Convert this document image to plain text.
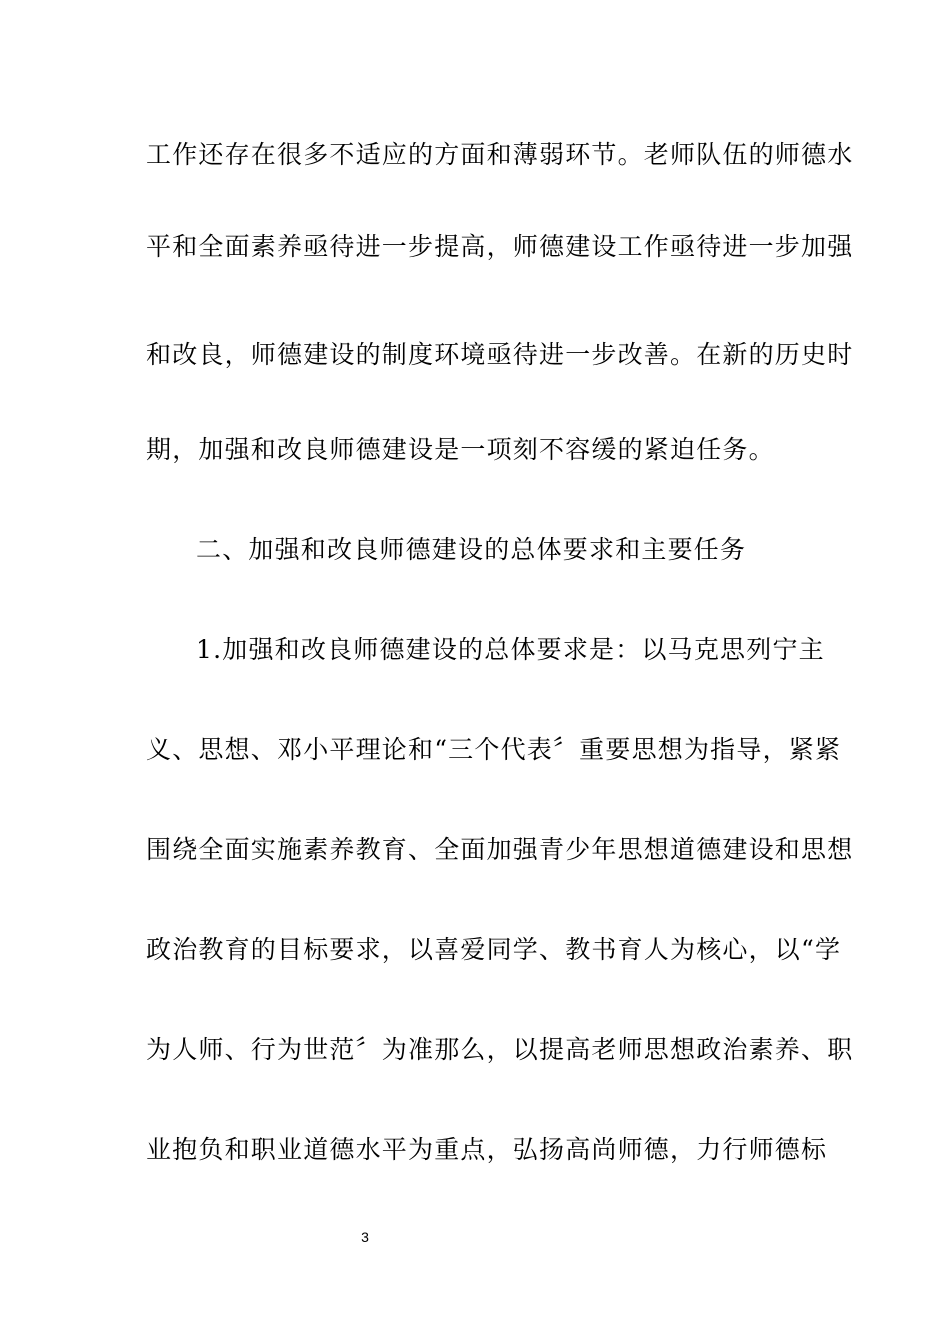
工作还存在很多不适应的方面和薄弱环节。老师队伍的师德水
平和全面素养亟待进一步提高，师德建设工作亟待进一步加强
和改良，师德建设的制度环境亟待进一步改善。在新的历史时
期，加强和改良师德建设是一项刻不容缓的紧迫任务。
二、加强和改良师德建设的总体要求和主要任务
1.加强和改良师德建设的总体要求是：以马克思列宁主
义、思想、邓小平理论和“三个代表〞重要思想为指导，紧紧
围绕全面实施素养教育、全面加强青少年思想道德建设和思想
政治教育的目标要求，以喜爱同学、教书育人为核心，以“学
为人师、行为世范〞为准那么，以提高老师思想政治素养、职
业抱负和职业道德水平为重点，弘扬高尚师德，力行师德标
3
